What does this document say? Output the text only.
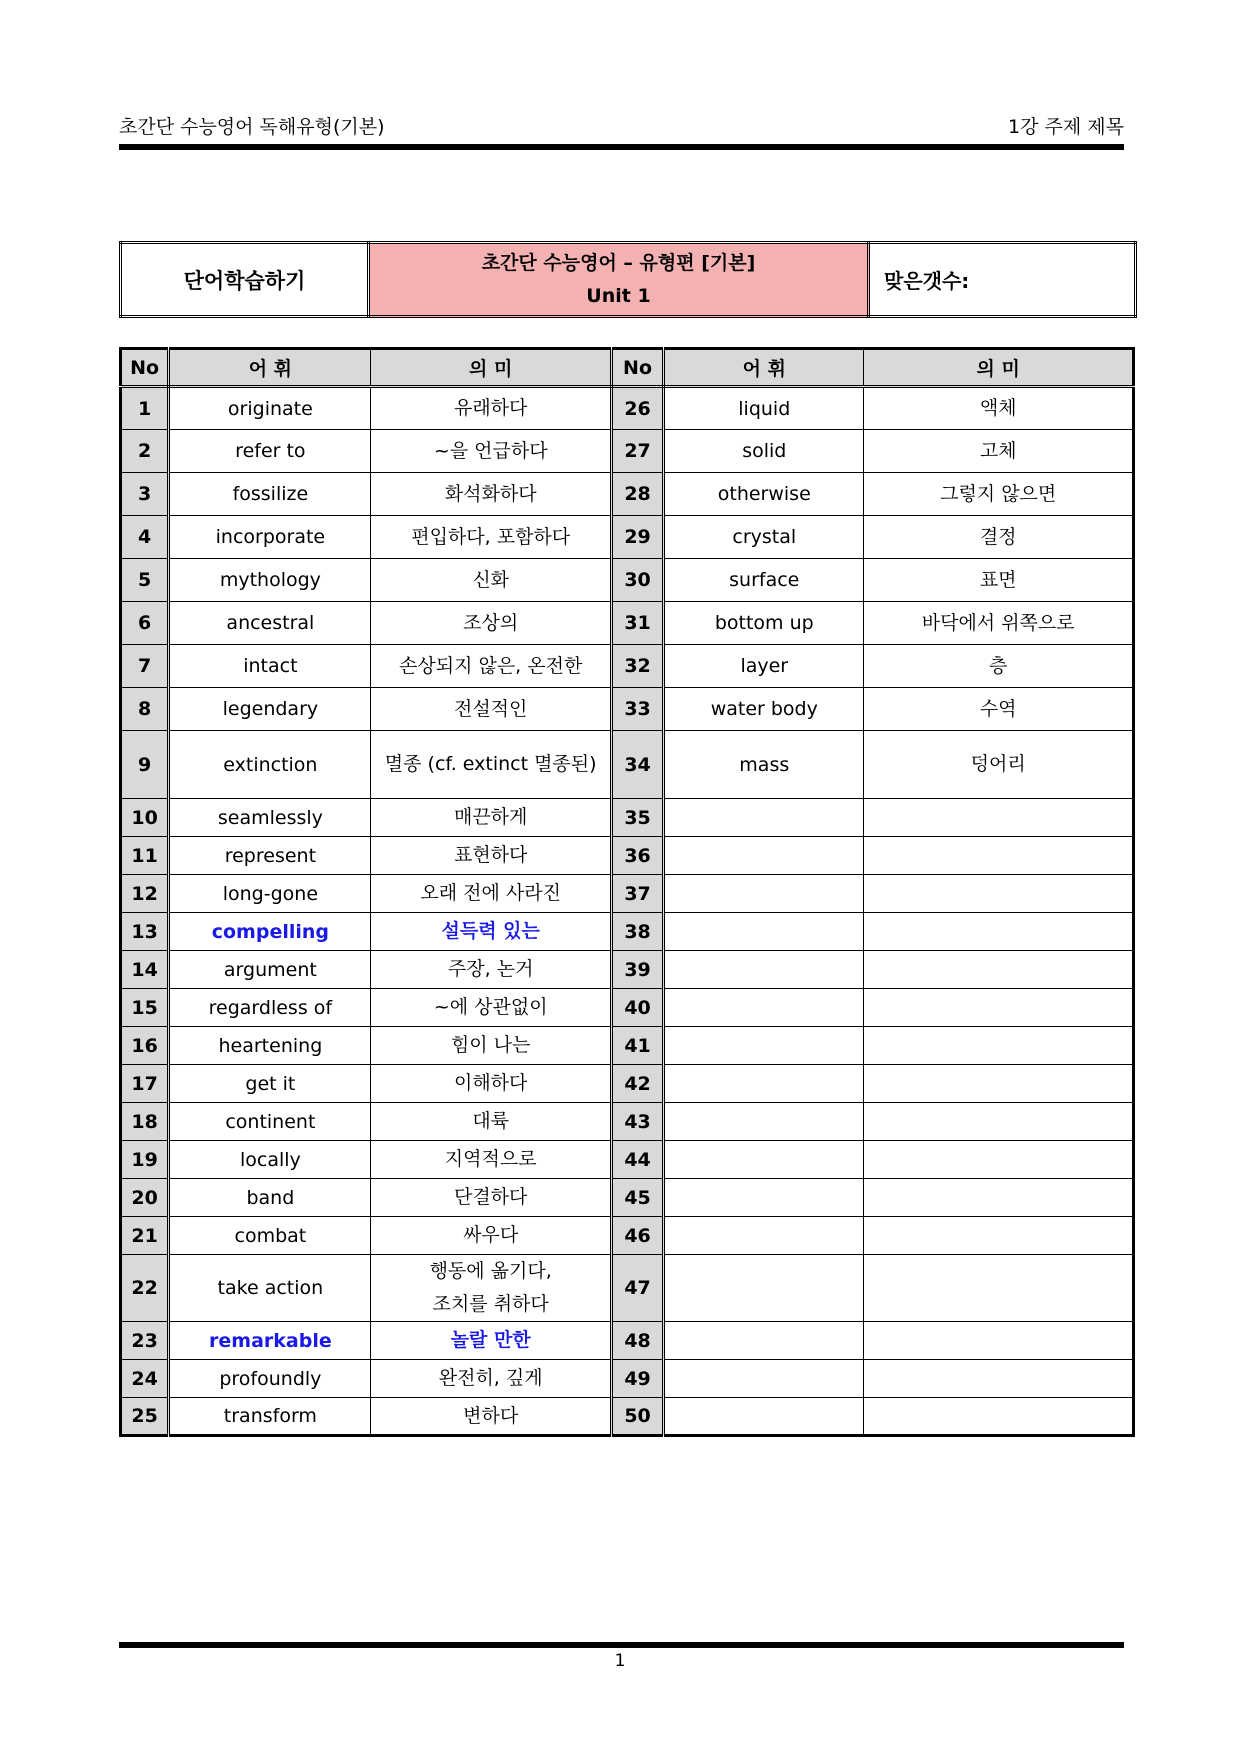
초간단 수능영어 독해유형(기본)	1강 주제 제목
단어학습하기	
초간단 수능영어 – 유형편 [기본]
Unit 1
	맞은갯수:
No	어 휘	의 미	No	어 휘	의 미
1	originate	유래하다	26	liquid	액체
2	refer to	~을 언급하다	27	solid	고체
3	fossilize	화석화하다	28	otherwise	그렇지 않으면
4	incorporate	편입하다, 포함하다	29	crystal	결정
5	mythology	신화	30	surface	표면
6	ancestral	조상의	31	bottom up	바닥에서 위쪽으로
7	intact	손상되지 않은, 온전한	32	layer	층
8	legendary	전설적인	33	water body	수역
9	extinction	멸종 (cf. extinct 멸종된)	34	mass	덩어리
10	seamlessly	매끈하게	35		
11	represent	표현하다	36		
12	long-gone	오래 전에 사라진	37		
13	compelling	설득력 있는	38		
14	argument	주장, 논거	39		
15	regardless of	~에 상관없이	40		
16	heartening	힘이 나는	41		
17	get it	이해하다	42		
18	continent	대륙	43		
19	locally	지역적으로	44		
20	band	단결하다	45		
21	combat	싸우다	46		
22	take action	행동에 옮기다,
조치를 취하다	47		
23	remarkable	놀랄 만한	48		
24	profoundly	완전히, 깊게	49		
25	transform	변하다	50		
1
